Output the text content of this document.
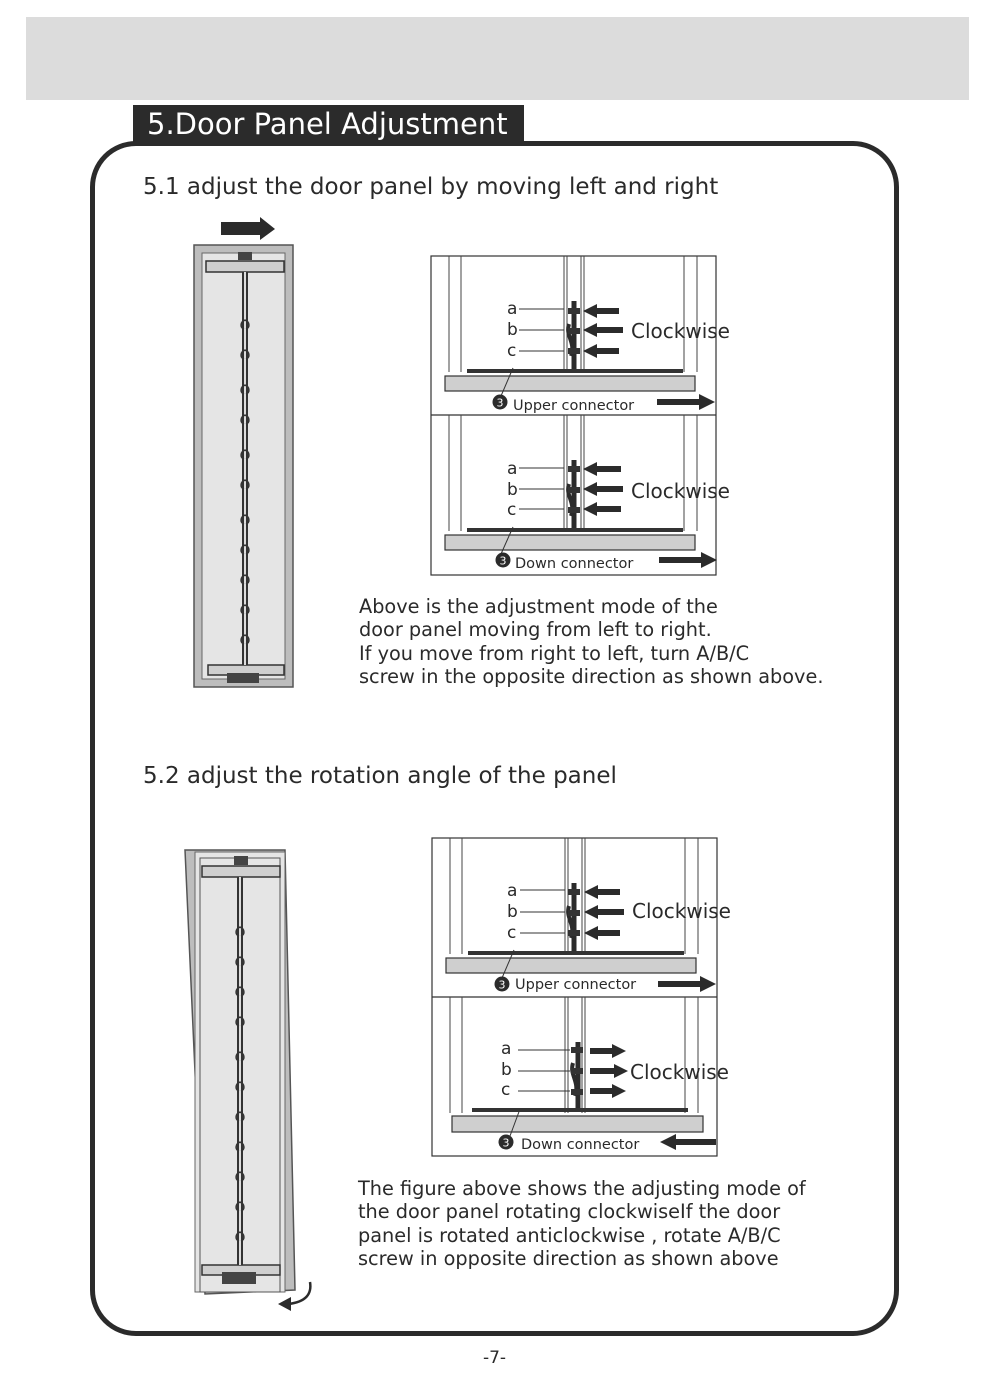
5.Door Panel Adjustment
5.1 adjust the door panel by moving left and right
a
b
c
Clockwise
3 Upper connector
a
b
c
Clockwise
3 Down connector
Above is the adjustment mode of the
door panel moving from left to right.
If you move from right to left, turn A/B/C
screw in the opposite direction as shown above.
5.2 adjust the rotation angle of the panel
a
b
c
Clockwise
3 Upper connector
a
b
c
Clockwise
3 Down connector
The figure above shows the adjusting mode of
the door panel rotating clockwiseIf the door
panel is rotated anticlockwise , rotate A/B/C
screw in opposite direction as shown above
-7-
